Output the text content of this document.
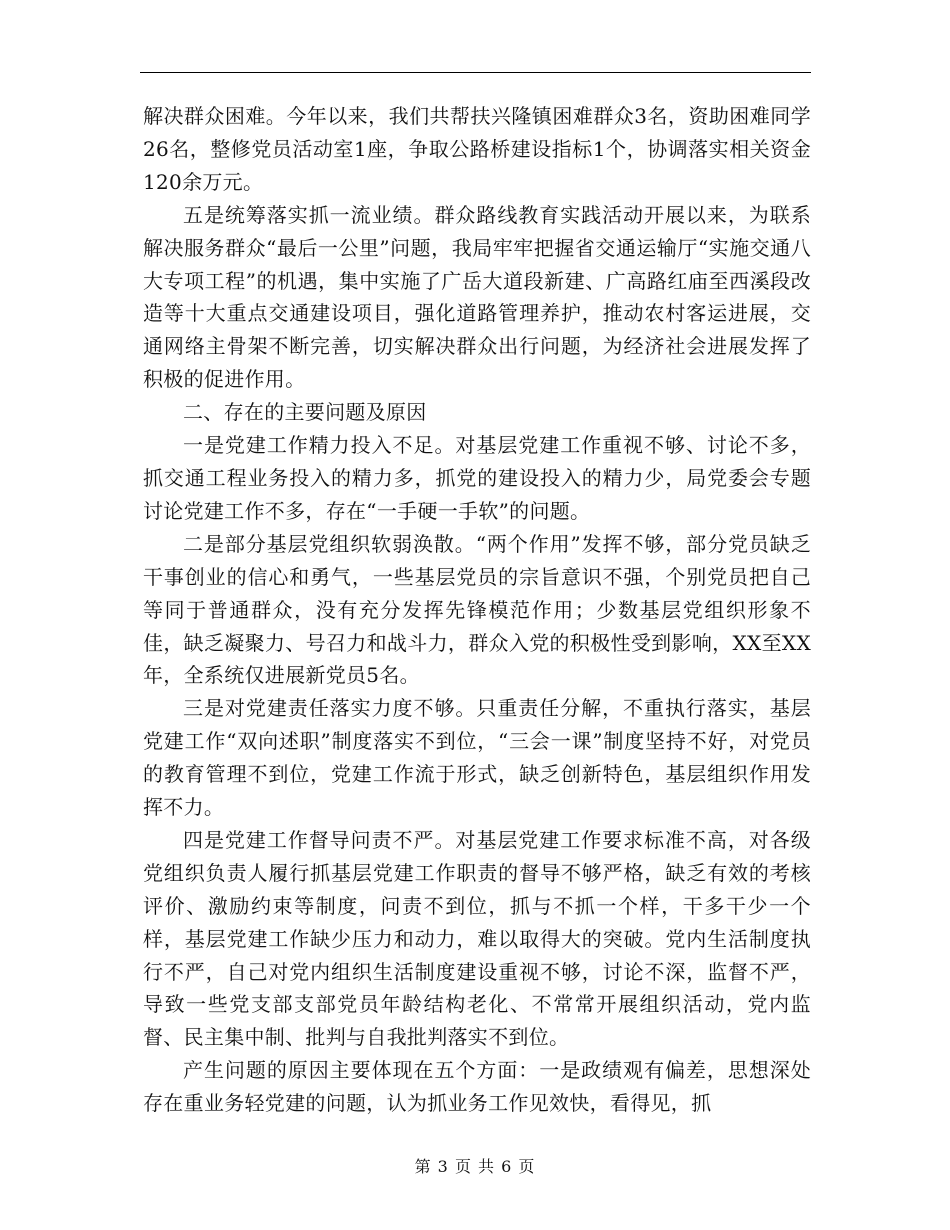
解决群众困难。今年以来，我们共帮扶兴隆镇困难群众3名，资助困难同学26名，整修党员活动室1座，争取公路桥建设指标1个，协调落实相关资金120余万元。

五是统筹落实抓一流业绩。群众路线教育实践活动开展以来，为联系解决服务群众“最后一公里”问题，我局牢牢把握省交通运输厅“实施交通八大专项工程”的机遇，集中实施了广岳大道段新建、广高路红庙至西溪段改造等十大重点交通建设项目，强化道路管理养护，推动农村客运进展，交通网络主骨架不断完善，切实解决群众出行问题，为经济社会进展发挥了积极的促进作用。

二、存在的主要问题及原因

一是党建工作精力投入不足。对基层党建工作重视不够、讨论不多，抓交通工程业务投入的精力多，抓党的建设投入的精力少，局党委会专题讨论党建工作不多，存在“一手硬一手软”的问题。

二是部分基层党组织软弱涣散。“两个作用”发挥不够，部分党员缺乏干事创业的信心和勇气，一些基层党员的宗旨意识不强，个别党员把自己等同于普通群众，没有充分发挥先锋模范作用；少数基层党组织形象不佳，缺乏凝聚力、号召力和战斗力，群众入党的积极性受到影响，XX至XX年，全系统仅进展新党员5名。

三是对党建责任落实力度不够。只重责任分解，不重执行落实，基层党建工作“双向述职”制度落实不到位，“三会一课”制度坚持不好，对党员的教育管理不到位，党建工作流于形式，缺乏创新特色，基层组织作用发挥不力。

四是党建工作督导问责不严。对基层党建工作要求标准不高，对各级党组织负责人履行抓基层党建工作职责的督导不够严格，缺乏有效的考核评价、激励约束等制度，问责不到位，抓与不抓一个样，干多干少一个样，基层党建工作缺少压力和动力，难以取得大的突破。党内生活制度执行不严，自己对党内组织生活制度建设重视不够，讨论不深，监督不严，导致一些党支部支部党员年龄结构老化、不常常开展组织活动，党内监督、民主集中制、批判与自我批判落实不到位。

产生问题的原因主要体现在五个方面：一是政绩观有偏差，思想深处存在重业务轻党建的问题，认为抓业务工作见效快，看得见，抓

第 3 页 共 6 页
